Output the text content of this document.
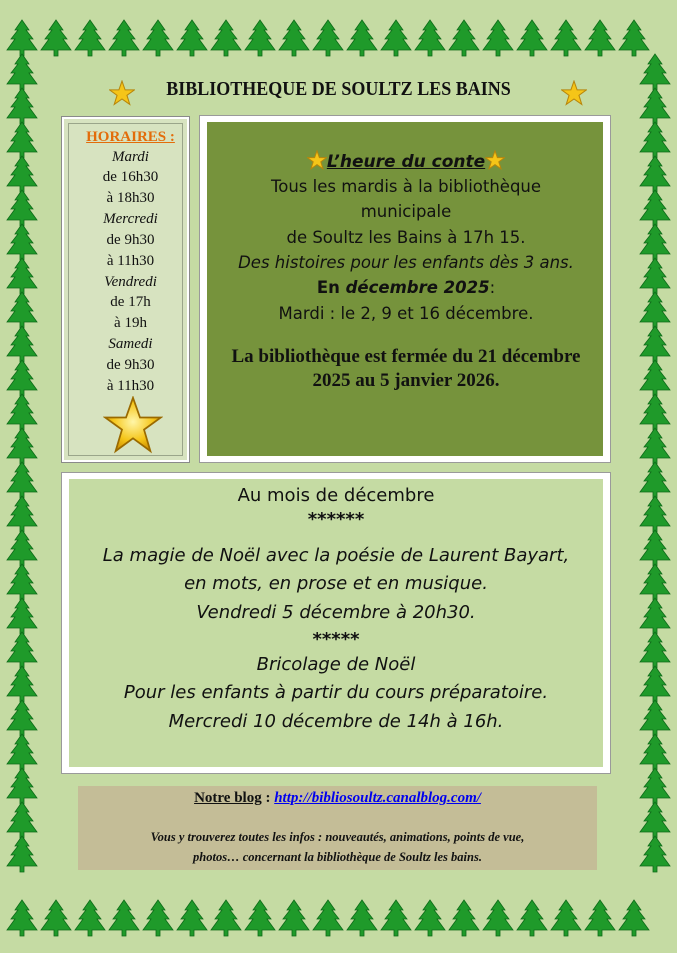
BIBLIOTHEQUE DE SOULTZ LES BAINS
HORAIRES :
Mardi
de 16h30
à 18h30
Mercredi
de 9h30
à 11h30
Vendredi
de 17h
à 19h
Samedi
de 9h30
à 11h30
L’heure du conte
Tous les mardis à la bibliothèque
municipale
de Soultz les Bains à 17h 15.
Des histoires pour les enfants dès 3 ans.
En décembre 2025:
Mardi : le 2, 9 et 16 décembre.
La bibliothèque est fermée du 21 décembre
2025 au 5 janvier 2026.
Au mois de décembre
******
La magie de Noël avec la poésie de Laurent Bayart,
en mots, en prose et en musique.
Vendredi 5 décembre à 20h30.
*****
Bricolage de Noël
Pour les enfants à partir du cours préparatoire.
Mercredi 10 décembre de 14h à 16h.
Notre blog : http://bibliosoultz.canalblog.com/
Vous y trouverez toutes les infos : nouveautés, animations, points de vue,
photos… concernant la bibliothèque de Soultz les bains.
